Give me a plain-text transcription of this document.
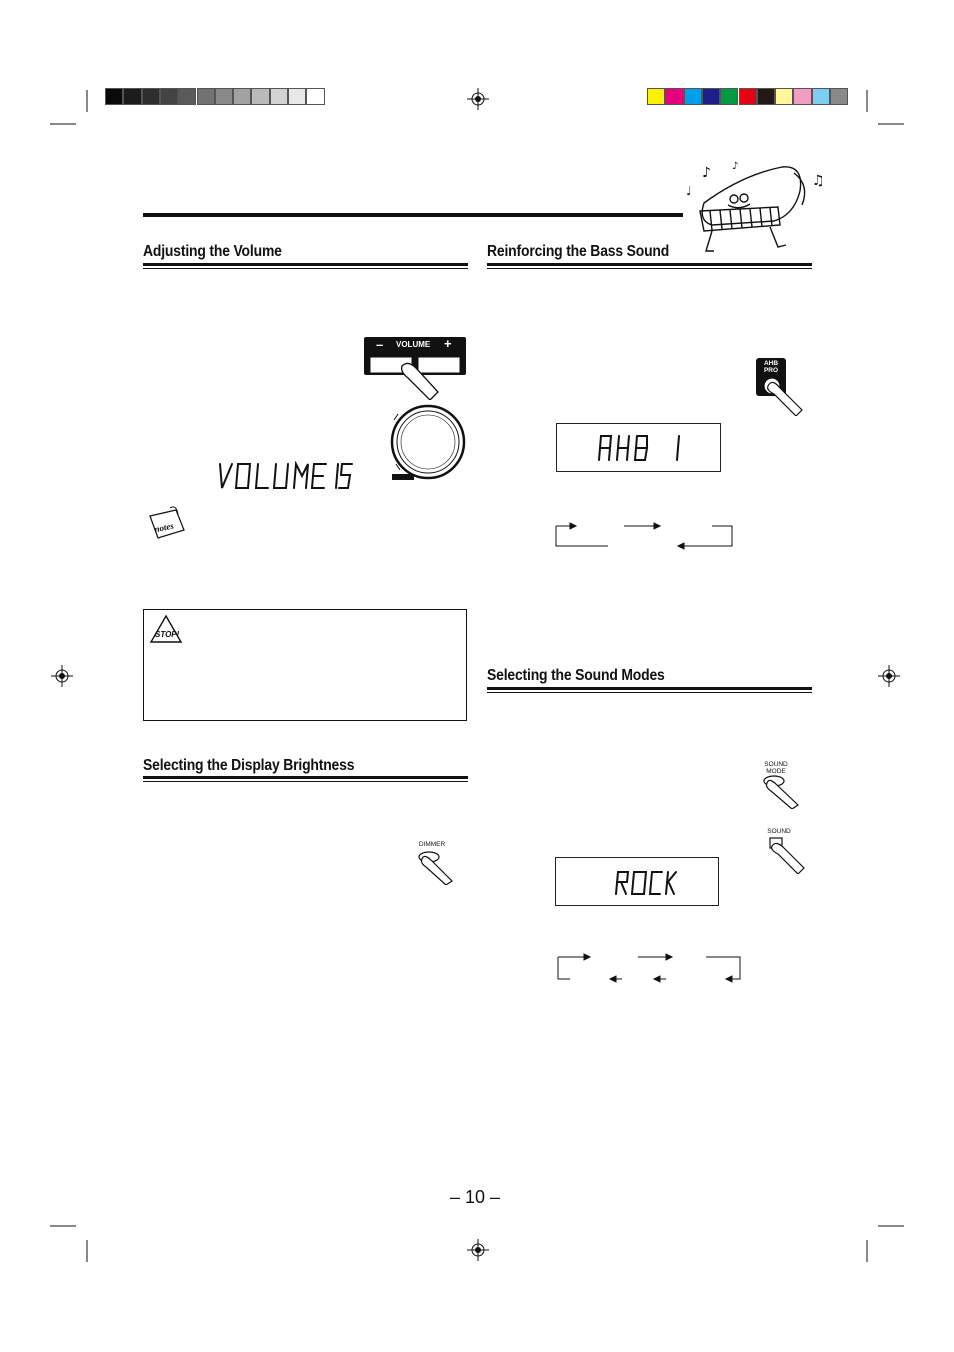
♪
♩
♫
♪
Adjusting the Volume
– VOLUME +
notes
STOP!
Selecting the Display Brightness
DIMMER
Reinforcing the Bass Sound
AHB PRO
Selecting the Sound Modes
SOUND MODE
SOUND
– 10 –
